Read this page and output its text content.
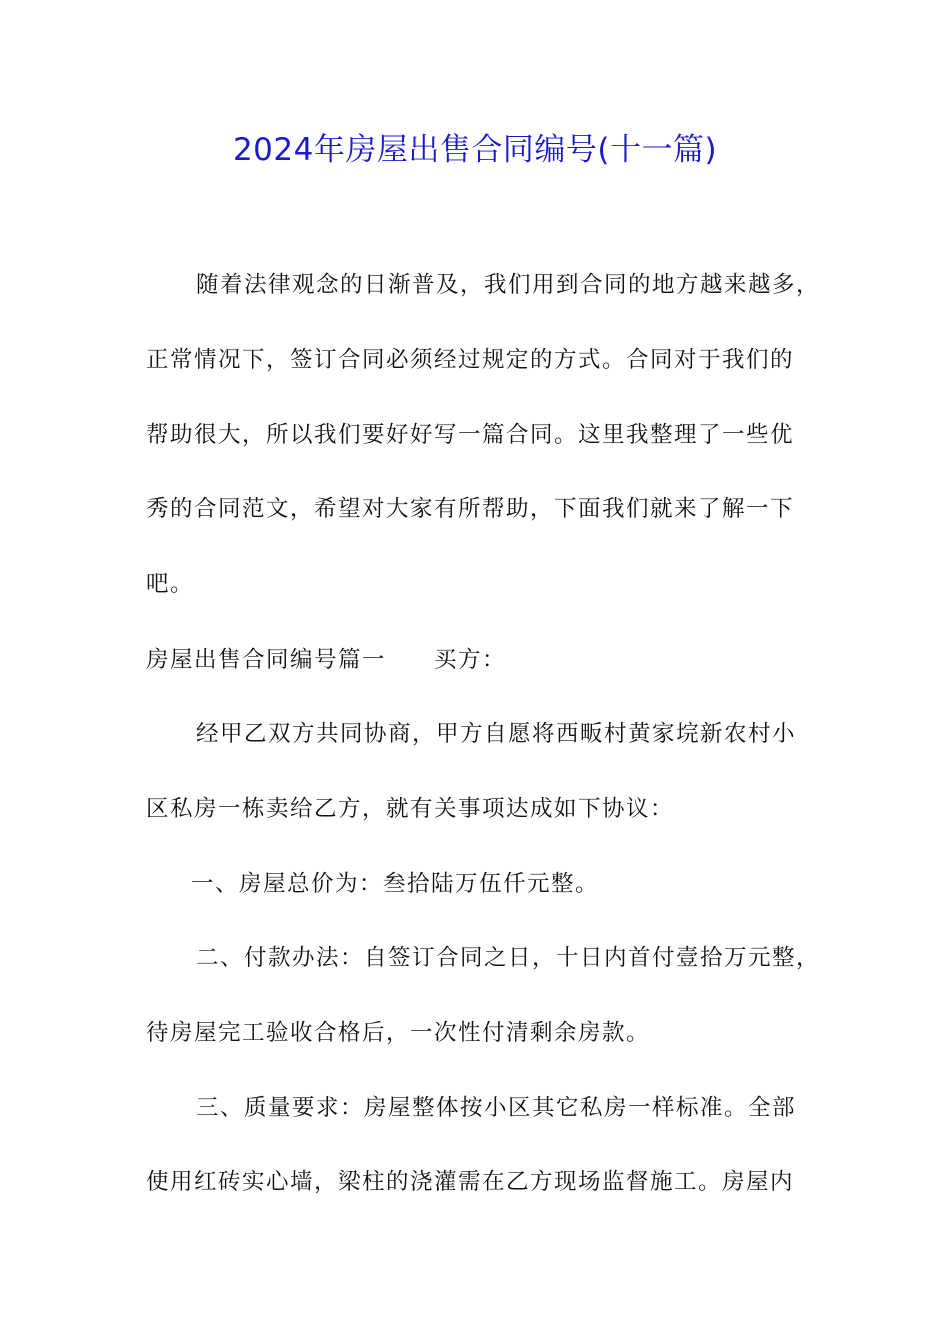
2024年房屋出售合同编号(十一篇)
随着法律观念的日渐普及，我们用到合同的地方越来越多，
正常情况下，签订合同必须经过规定的方式。合同对于我们的
帮助很大，所以我们要好好写一篇合同。这里我整理了一些优
秀的合同范文，希望对大家有所帮助，下面我们就来了解一下
吧。
房屋出售合同编号篇一　　买方：
经甲乙双方共同协商，甲方自愿将西畈村黄家垸新农村小
区私房一栋卖给乙方，就有关事项达成如下协议：
一、房屋总价为：叁拾陆万伍仟元整。
二、付款办法：自签订合同之日，十日内首付壹拾万元整，
待房屋完工验收合格后，一次性付清剩余房款。
三、质量要求：房屋整体按小区其它私房一样标准。全部
使用红砖实心墙，梁柱的浇灌需在乙方现场监督施工。房屋内
